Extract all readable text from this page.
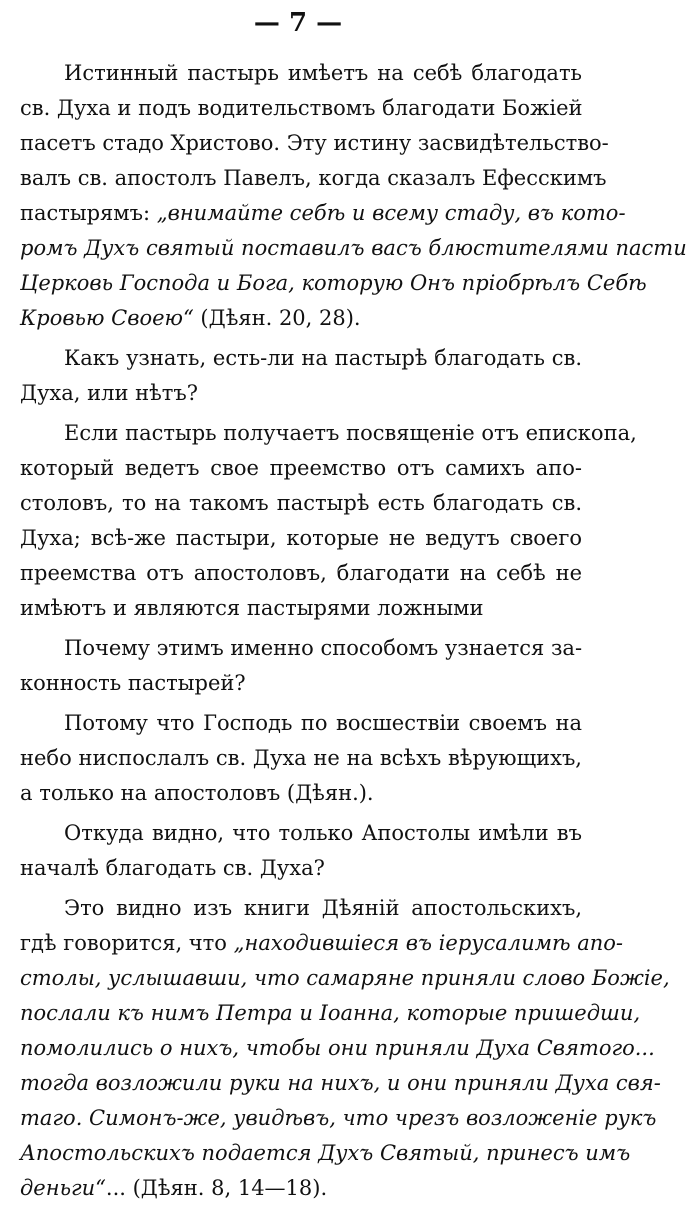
— 7 —
Истинный пастырь имѣетъ на себѣ благодать
св. Духа и подъ водительствомъ благодати Божiей
пасетъ стадо Христово. Эту истину засвидѣтельство-
валъ св. апостолъ Павелъ, когда сказалъ Ефесскимъ
пастырямъ: „внимайте себѣ и всему стаду, въ кото-
ромъ Духъ святый поставилъ васъ блюстителями пасти
Церковь Господа и Бога, которую Онъ прiобрѣлъ Себѣ
Кровью Своею“ (Дѣян. 20, 28).
Какъ узнать, есть-ли на пастырѣ благодать св.
Духа, или нѣтъ?
Если пастырь получаетъ посвященiе отъ епископа,
который ведетъ свое преемство отъ самихъ апо-
столовъ, то на такомъ пастырѣ есть благодать св.
Духа; всѣ-же пастыри, которые не ведутъ своего
преемства отъ апостоловъ, благодати на себѣ не
имѣютъ и являются пастырями ложными
Почему этимъ именно способомъ узнается за-
конность пастырей?
Потому что Господь по восшествiи своемъ на
небо ниспослалъ св. Духа не на всѣхъ вѣрующихъ,
а только на апостоловъ (Дѣян.).
Откуда видно, что только Апостолы имѣли въ
началѣ благодать св. Духа?
Это видно изъ книги Дѣянiй апостольскихъ,
гдѣ говорится, что „находившiеся въ iерусалимѣ апо-
столы, услышавши, что самаряне приняли слово Божiе,
послали къ нимъ Петра и Iоанна, которые пришедши,
помолились о нихъ, чтобы они приняли Духа Святого...
тогда возложили руки на нихъ, и они приняли Духа свя-
таго. Симонъ-же, увидѣвъ, что чрезъ возложенiе рукъ
Апостольскихъ подается Духъ Святый, принесъ имъ
деньги“... (Дѣян. 8, 14—18).
